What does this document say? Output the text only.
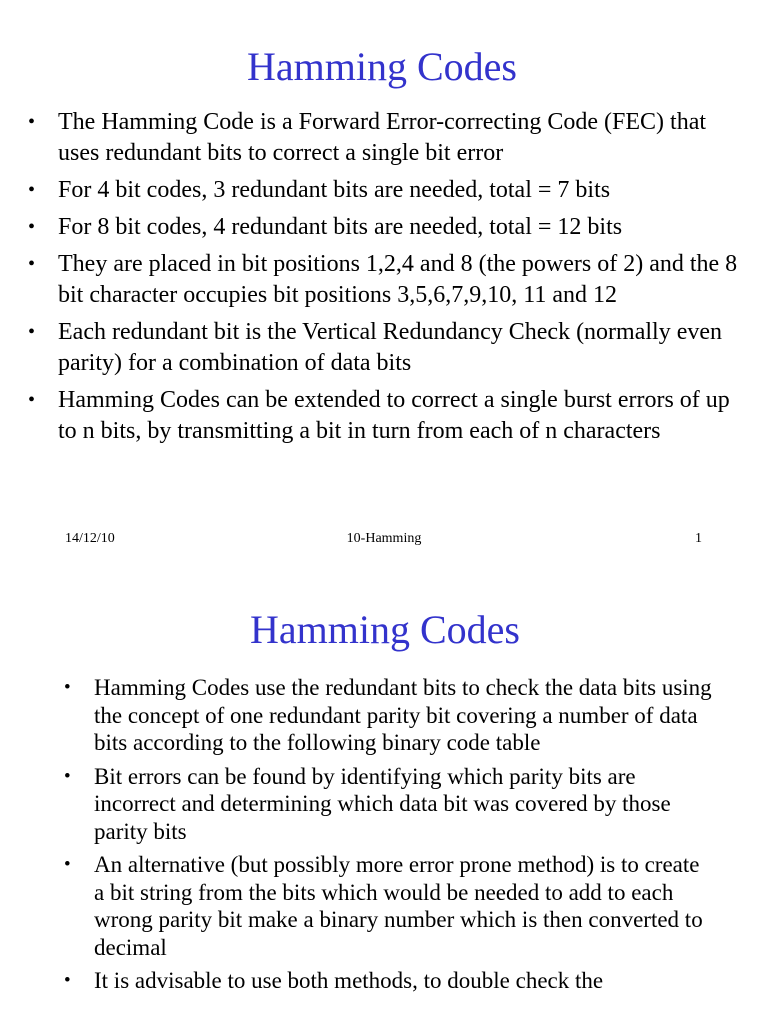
Hamming Codes
• The Hamming Code is a Forward Error-correcting Code (FEC) that uses redundant bits to correct a single bit error
• For 4 bit codes, 3 redundant bits are needed, total = 7 bits
• For 8 bit codes, 4 redundant bits are needed, total = 12 bits
• They are placed in bit positions 1,2,4 and 8 (the powers of 2) and the 8 bit character occupies bit positions 3,5,6,7,9,10, 11 and 12
• Each redundant bit is the Vertical Redundancy Check (normally even parity) for a combination of data bits
• Hamming Codes can be extended to correct a single burst errors of up to n bits, by transmitting a bit in turn from each of n characters
14/12/10	10-Hamming	1
Hamming Codes
• Hamming Codes use the redundant bits to check the data bits using the concept of one redundant parity bit covering a number of data bits according to the following binary code table
• Bit errors can be found by identifying which parity bits are incorrect and determining which data bit was covered by those parity bits
• An alternative (but possibly more error prone method) is to create a bit string from the bits which would be needed to add to each wrong parity bit make a binary number which is then converted to decimal
• It is advisable to use both methods, to double check the
